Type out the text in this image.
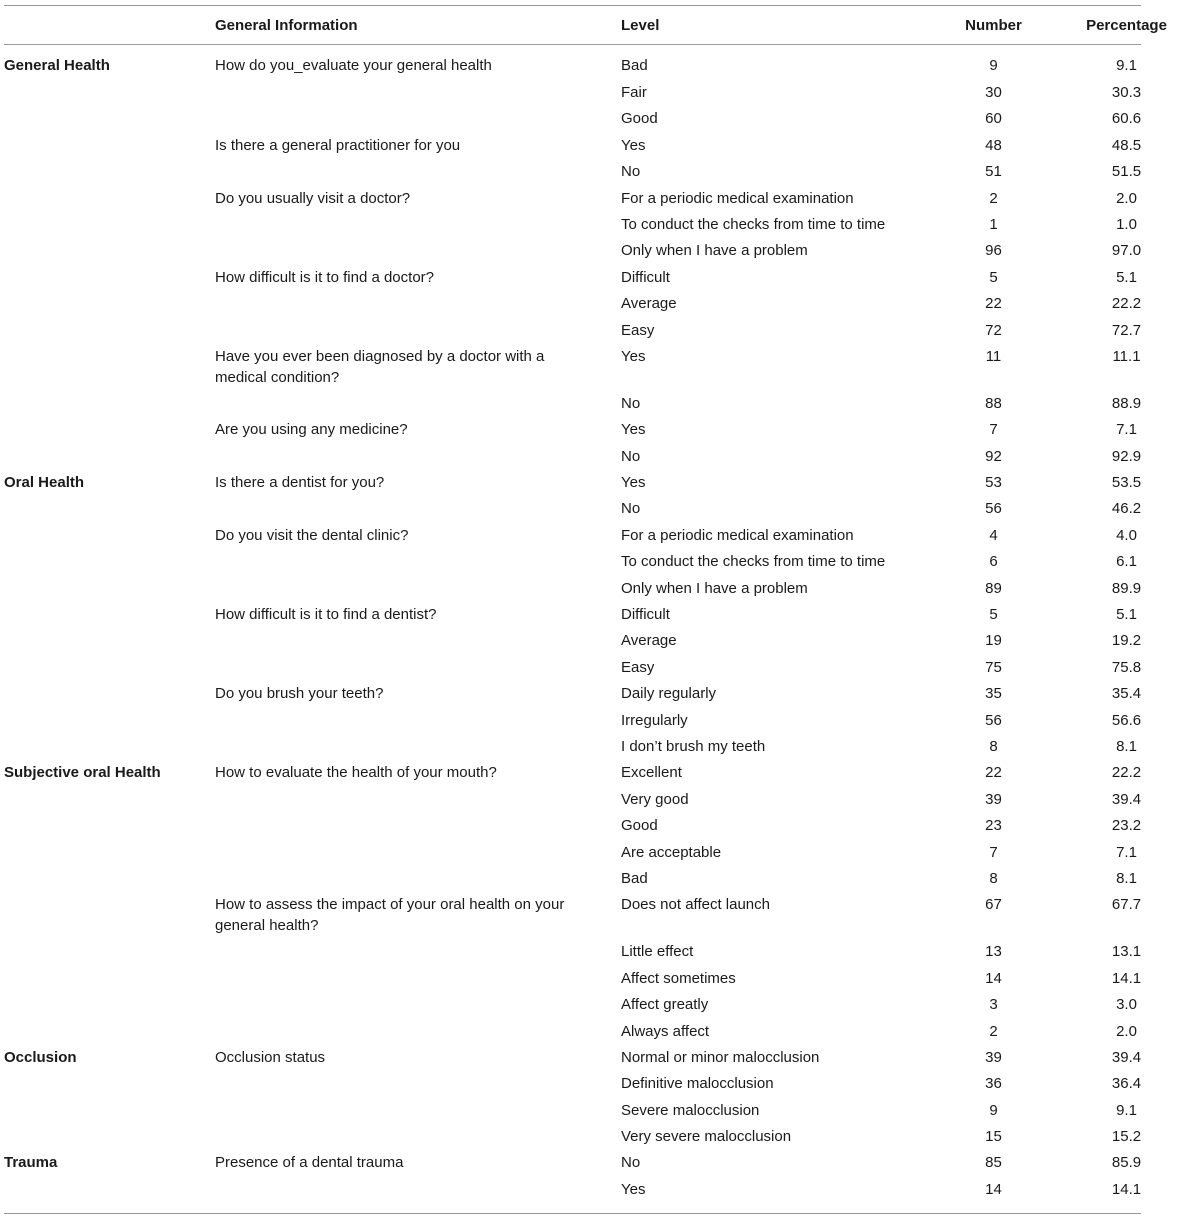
	General Information	Level	Number	Percentage
General Health	How do you_evaluate your general health	Bad	9	9.1
		Fair	30	30.3
		Good	60	60.6
	Is there a general practitioner for you	Yes	48	48.5
		No	51	51.5
	Do you usually visit a doctor?	For a periodic medical examination	2	2.0
		To conduct the checks from time to time	1	1.0
		Only when I have a problem	96	97.0
	How difficult is it to find a doctor?	Difficult	5	5.1
		Average	22	22.2
		Easy	72	72.7
	Have you ever been diagnosed by a doctor with a medical condition?	Yes	11	11.1
		No	88	88.9
	Are you using any medicine?	Yes	7	7.1
		No	92	92.9
Oral Health	Is there a dentist for you?	Yes	53	53.5
		No	56	46.2
	Do you visit the dental clinic?	For a periodic medical examination	4	4.0
		To conduct the checks from time to time	6	6.1
		Only when I have a problem	89	89.9
	How difficult is it to find a dentist?	Difficult	5	5.1
		Average	19	19.2
		Easy	75	75.8
	Do you brush your teeth?	Daily regularly	35	35.4
		Irregularly	56	56.6
		I don’t brush my teeth	8	8.1
Subjective oral Health	How to evaluate the health of your mouth?	Excellent	22	22.2
		Very good	39	39.4
		Good	23	23.2
		Are acceptable	7	7.1
		Bad	8	8.1
	How to assess the impact of your oral health on your general health?	Does not affect launch	67	67.7
		Little effect	13	13.1
		Affect sometimes	14	14.1
		Affect greatly	3	3.0
		Always affect	2	2.0
Occlusion	Occlusion status	Normal or minor malocclusion	39	39.4
		Definitive malocclusion	36	36.4
		Severe malocclusion	9	9.1
		Very severe malocclusion	15	15.2
Trauma	Presence of a dental trauma	No	85	85.9
		Yes	14	14.1
